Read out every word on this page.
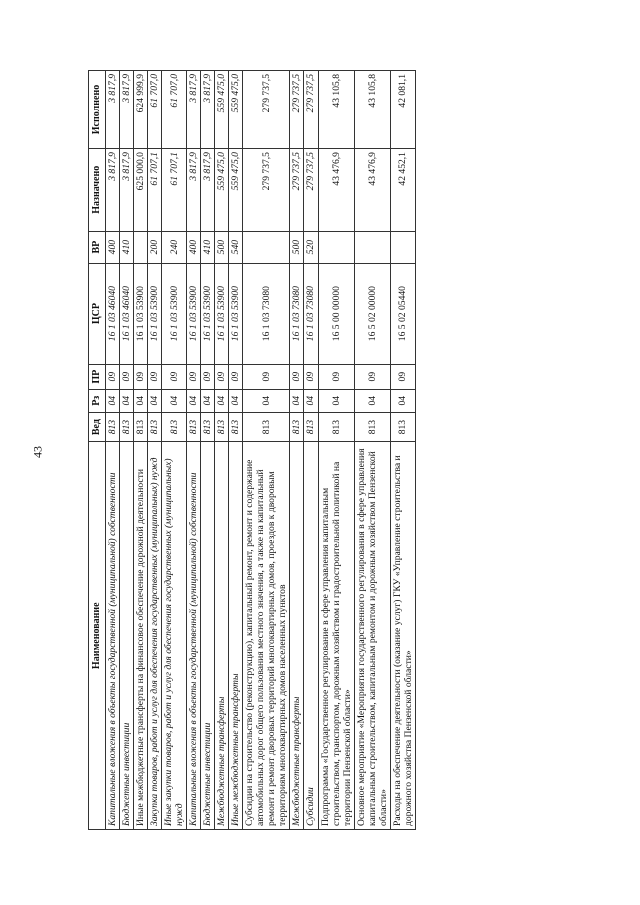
43
Наименование	Вед	Рз	ПР	ЦСР	ВР	Назначено	Исполнено
Капитальные вложения в объекты государственной (муниципальной) собственности	813	04	09	16 1 03 46040	400	3 817,9	3 817,9
Бюджетные инвестиции	813	04	09	16 1 03 46040	410	3 817,9	3 817,9
Иные межбюджетные трансферты на финансовое обеспечение дорожной деятельности	813	04	09	16 1 03 53900		625 000,0	624 999,9
Закупка товаров, работ и услуг для обеспечения государственных (муниципальных) нужд	813	04	09	16 1 03 53900	200	61 707,1	61 707,0
Иные закупки товаров, работ и услуг для обеспечения государственных (муниципальных) нужд	813	04	09	16 1 03 53900	240	61 707,1	61 707,0
Капитальные вложения в объекты государственной (муниципальной) собственности	813	04	09	16 1 03 53900	400	3 817,9	3 817,9
Бюджетные инвестиции	813	04	09	16 1 03 53900	410	3 817,9	3 817,9
Межбюджетные трансферты	813	04	09	16 1 03 53900	500	559 475,0	559 475,0
Иные межбюджетные трансферты	813	04	09	16 1 03 53900	540	559 475,0	559 475,0
Субсидии на строительство (реконструкцию), капитальный ремонт, ремонт и содержание автомобильных дорог общего пользования местного значения, а также на капитальный ремонт и ремонт дворовых территорий многоквартирных домов, проездов к дворовым территориям многоквартирных домов населенных пунктов	813	04	09	16 1 03 73080		279 737,5	279 737,5
Межбюджетные трансферты	813	04	09	16 1 03 73080	500	279 737,5	279 737,5
Субсидии	813	04	09	16 1 03 73080	520	279 737,5	279 737,5
Подпрограмма «Государственное регулирование в сфере управления капитальным строительством, транспортом, дорожным хозяйством и градостроительной политикой на территории Пензенской области»	813	04	09	16 5 00 00000		43 476,9	43 105,8
Основное мероприятие «Мероприятия государственного регулирования в сфере управления капитальным строительством, капитальным ремонтом и дорожным хозяйством Пензенской области»	813	04	09	16 5 02 00000		43 476,9	43 105,8
Расходы на обеспечение деятельности (оказание услуг) ГКУ «Управление строительства и дорожного хозяйства Пензенской области»	813	04	09	16 5 02 05440		42 452,1	42 081,1
